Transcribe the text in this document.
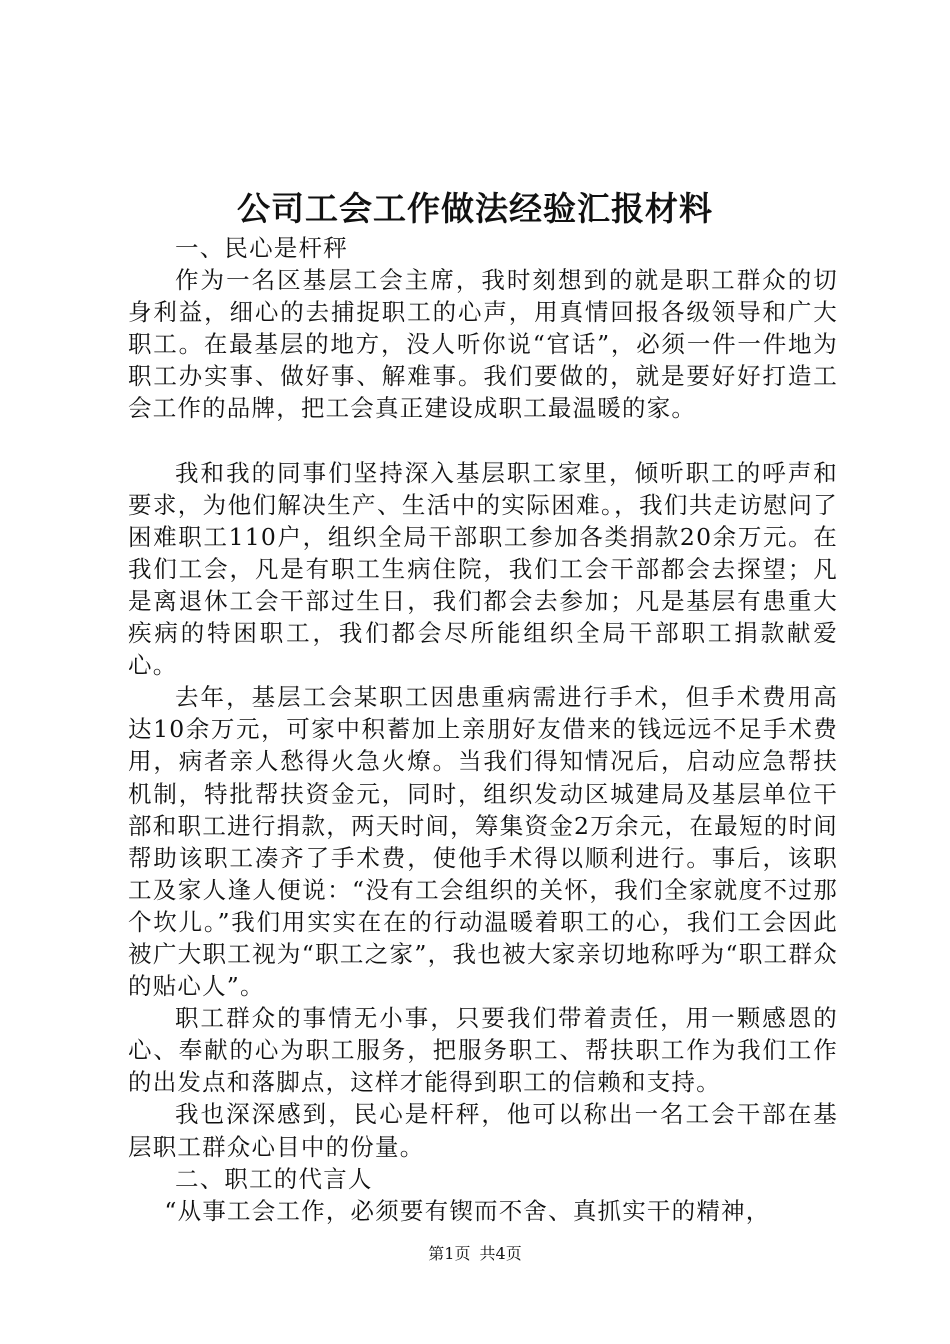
公司工会工作做法经验汇报材料

一、民心是杆秤

作为一名区基层工会主席，我时刻想到的就是职工群众的切身利益，细心的去捕捉职工的心声，用真情回报各级领导和广大职工。在最基层的地方，没人听你说“官话”，必须一件一件地为职工办实事、做好事、解难事。我们要做的，就是要好好打造工会工作的品牌，把工会真正建设成职工最温暖的家。

我和我的同事们坚持深入基层职工家里，倾听职工的呼声和要求，为他们解决生产、生活中的实际困难。，我们共走访慰问了困难职工110户，组织全局干部职工参加各类捐款20余万元。在我们工会，凡是有职工生病住院，我们工会干部都会去探望；凡是离退休工会干部过生日，我们都会去参加；凡是基层有患重大疾病的特困职工，我们都会尽所能组织全局干部职工捐款献爱心。

去年，基层工会某职工因患重病需进行手术，但手术费用高达10余万元，可家中积蓄加上亲朋好友借来的钱远远不足手术费用，病者亲人愁得火急火燎。当我们得知情况后，启动应急帮扶机制，特批帮扶资金元，同时，组织发动区城建局及基层单位干部和职工进行捐款，两天时间，筹集资金2万余元，在最短的时间帮助该职工凑齐了手术费，使他手术得以顺利进行。事后，该职工及家人逢人便说：“没有工会组织的关怀，我们全家就度不过那个坎儿。”我们用实实在在的行动温暖着职工的心，我们工会因此被广大职工视为“职工之家”，我也被大家亲切地称呼为“职工群众的贴心人”。

职工群众的事情无小事，只要我们带着责任，用一颗感恩的心、奉献的心为职工服务，把服务职工、帮扶职工作为我们工作的出发点和落脚点，这样才能得到职工的信赖和支持。

我也深深感到，民心是杆秤，他可以称出一名工会干部在基层职工群众心目中的份量。

二、职工的代言人

“从事工会工作，必须要有锲而不舍、真抓实干的精神，

第1页 共4页
